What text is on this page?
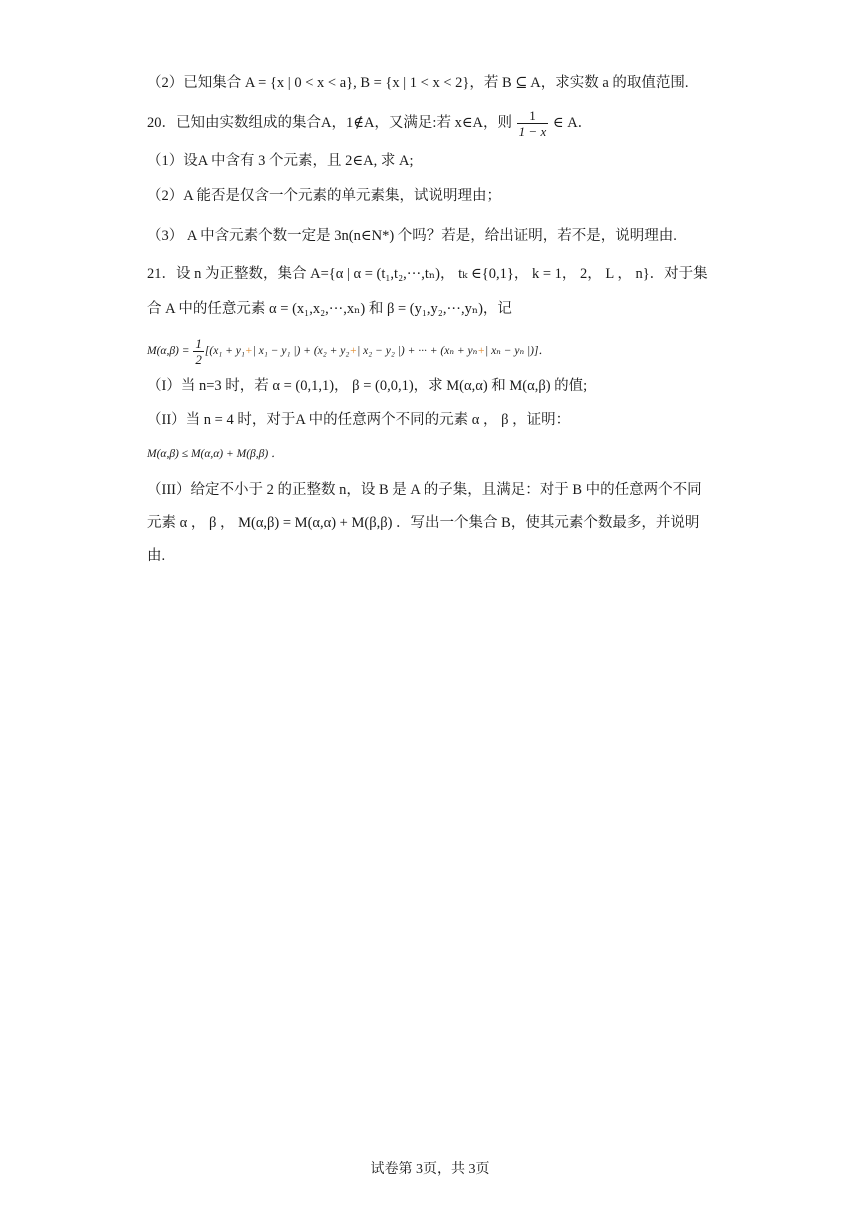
（2）已知集合 A = {x | 0 < x < a}, B = {x | 1 < x < 2}，若 B ⊆ A，求实数 a 的取值范围.
20．已知由实数组成的集合A，1∉A，又满足:若 x∈A，则 $\frac{1}{1 - x}$ ∈ A．
（1）设A 中含有 3 个元素，且 2∈A, 求 A;
（2）A 能否是仅含一个元素的单元素集，试说明理由；
（3） A 中含元素个数一定是 3n(n∈N*) 个吗？若是，给出证明，若不是，说明理由.
21．设 n 为正整数，集合 A={α | α = (t₁,t₂,···,tₙ)， tₖ ∈{0,1}， k = 1， 2， L ， n}．对于集
合 A 中的任意元素 α = (x₁,x₂,···,xₙ) 和 β = (y₁,y₂,···,yₙ)，记
$M(\alpha,\beta) = \frac{1}{2} [(x_1 + y_1+|$ x₁ − y₁ |) + (x₂ + y₂+| x₂ − y₂ |) + ··· + (xₙ + yₙ+| xₙ − yₙ |)]．
（I）当 n=3 时，若 α = (0,1,1)， β = (0,0,1)，求 M(α,α) 和 M(α,β) 的值;
（II）当 n = 4 时，对于A 中的任意两个不同的元素 α ， β ，证明：
M(α,β) ≤ M(α,α) + M(β,β) ．
（III）给定不小于 2 的正整数 n，设 B 是 A 的子集，且满足：对于 B 中的任意两个不同
元素 α ， β ， M(α,β) = M(α,α) + M(β,β) ．写出一个集合 B，使其元素个数最多，并说明
由.
试卷第 3页，共 3页
